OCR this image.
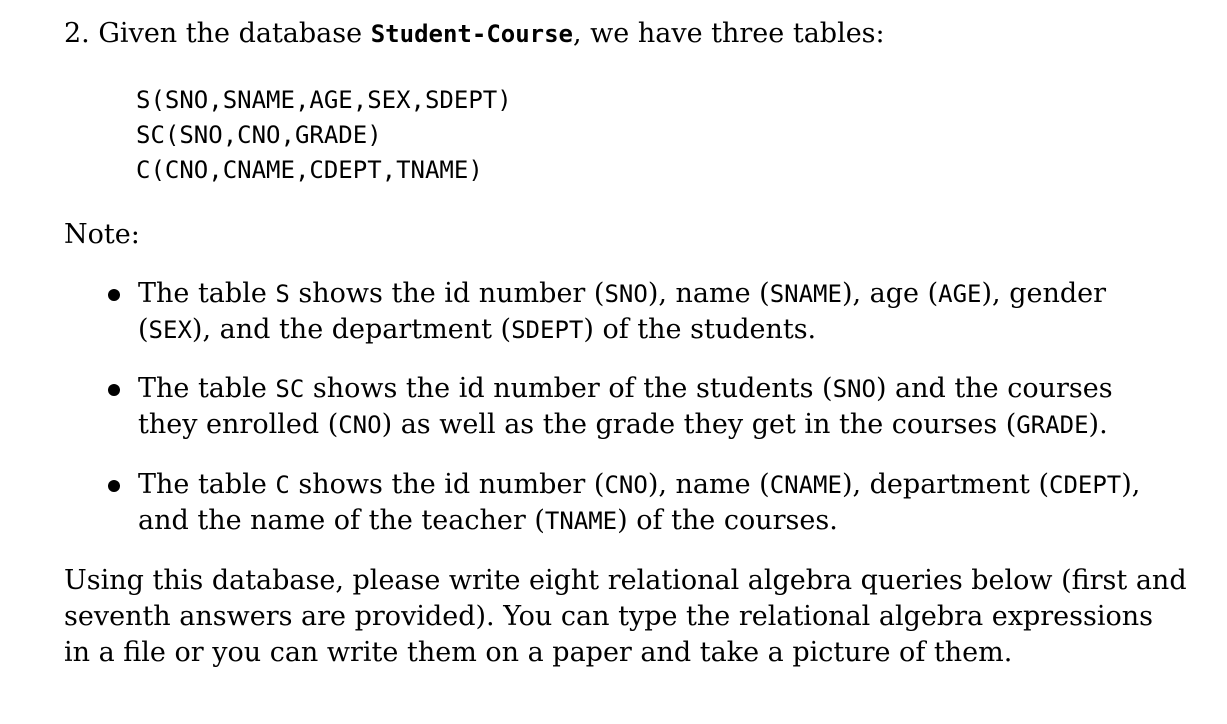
2. Given the database Student-Course, we have three tables:
S(SNO,SNAME,AGE,SEX,SDEPT)
SC(SNO,CNO,GRADE)
C(CNO,CNAME,CDEPT,TNAME)
Note:
The table S shows the id number (SNO), name (SNAME), age (AGE), gender
(SEX), and the department (SDEPT) of the students.
The table SC shows the id number of the students (SNO) and the courses
they enrolled (CNO) as well as the grade they get in the courses (GRADE).
The table C shows the id number (CNO), name (CNAME), department (CDEPT),
and the name of the teacher (TNAME) of the courses.
Using this database, please write eight relational algebra queries below (first and
seventh answers are provided). You can type the relational algebra expressions
in a file or you can write them on a paper and take a picture of them.
